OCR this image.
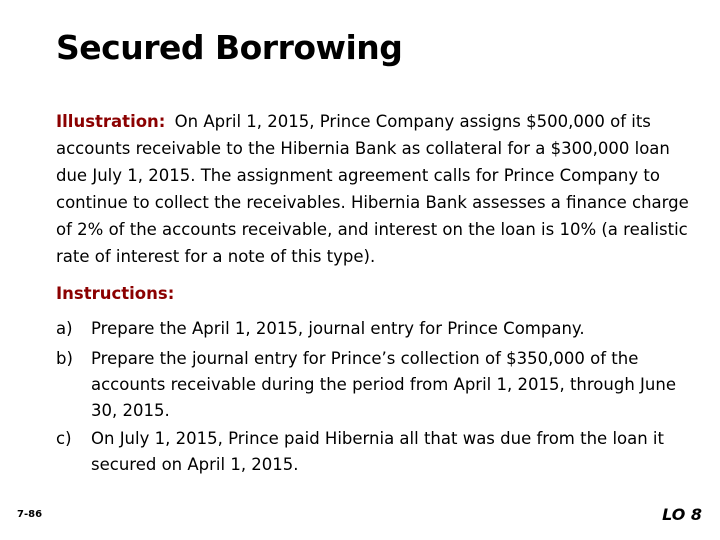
Secured Borrowing

Illustration: On April 1, 2015, Prince Company assigns $500,000 of its accounts receivable to the Hibernia Bank as collateral for a $300,000 loan due July 1, 2015. The assignment agreement calls for Prince Company to continue to collect the receivables. Hibernia Bank assesses a finance charge of 2% of the accounts receivable, and interest on the loan is 10% (a realistic rate of interest for a note of this type).

Instructions:
a)	Prepare the April 1, 2015, journal entry for Prince Company.
b)	Prepare the journal entry for Prince’s collection of $350,000 of the accounts receivable during the period from April 1, 2015, through June 30, 2015.
c)	On July 1, 2015, Prince paid Hibernia all that was due from the loan it secured on April 1, 2015.
7-86	LO 8
